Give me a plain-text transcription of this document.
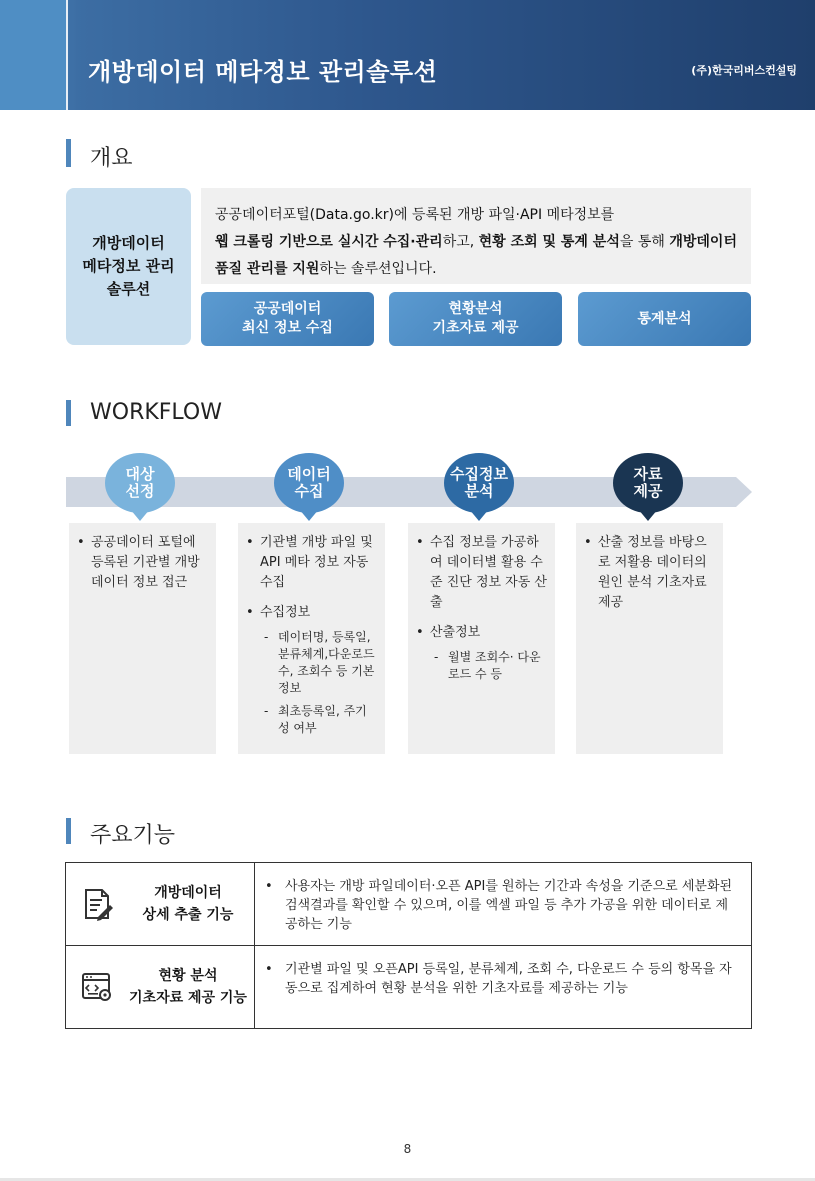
개방데이터 메타정보 관리솔루션	(주)한국리버스컨설팅
개요
개방데이터
메타정보 관리
솔루션
공공데이터포털(Data.go.kr)에 등록된 개방 파일·API 메타정보를
웹 크롤링 기반으로 실시간 수집·관리하고, 현황 조회 및 통계 분석을 통해 개방데이터
품질 관리를 지원하는 솔루션입니다.
공공데이터
최신 정보 수집
현황분석
기초자료 제공
통계분석
WORKFLOW
대상
선정
• 공공데이터 포털에 등록된 기관별 개방데이터 정보 접근
데이터
수집
• 기관별 개방 파일 및 API 메타 정보 자동 수집
• 수집정보
- 데이터명, 등록일, 분류체계,다운로드 수, 조회수 등 기본정보
- 최초등록일, 주기성 여부
수집정보
분석
• 수집 정보를 가공하여 데이터별 활용 수준 진단 정보 자동 산출
• 산출정보
- 월별 조회수· 다운로드 수 등
자료
제공
• 산출 정보를 바탕으로 저활용 데이터의 원인 분석 기초자료 제공
주요기능
개방데이터
상세 추출 기능
• 사용자는 개방 파일데이터·오픈 API를 원하는 기간과 속성을 기준으로 세분화된 검색결과를 확인할 수 있으며, 이를 엑셀 파일 등 추가 가공을 위한 데이터로 제공하는 기능
현황 분석
기초자료 제공 기능
• 기관별 파일 및 오픈API 등록일, 분류체계, 조회 수, 다운로드 수 등의 항목을 자동으로 집계하여 현황 분석을 위한 기초자료를 제공하는 기능
8
